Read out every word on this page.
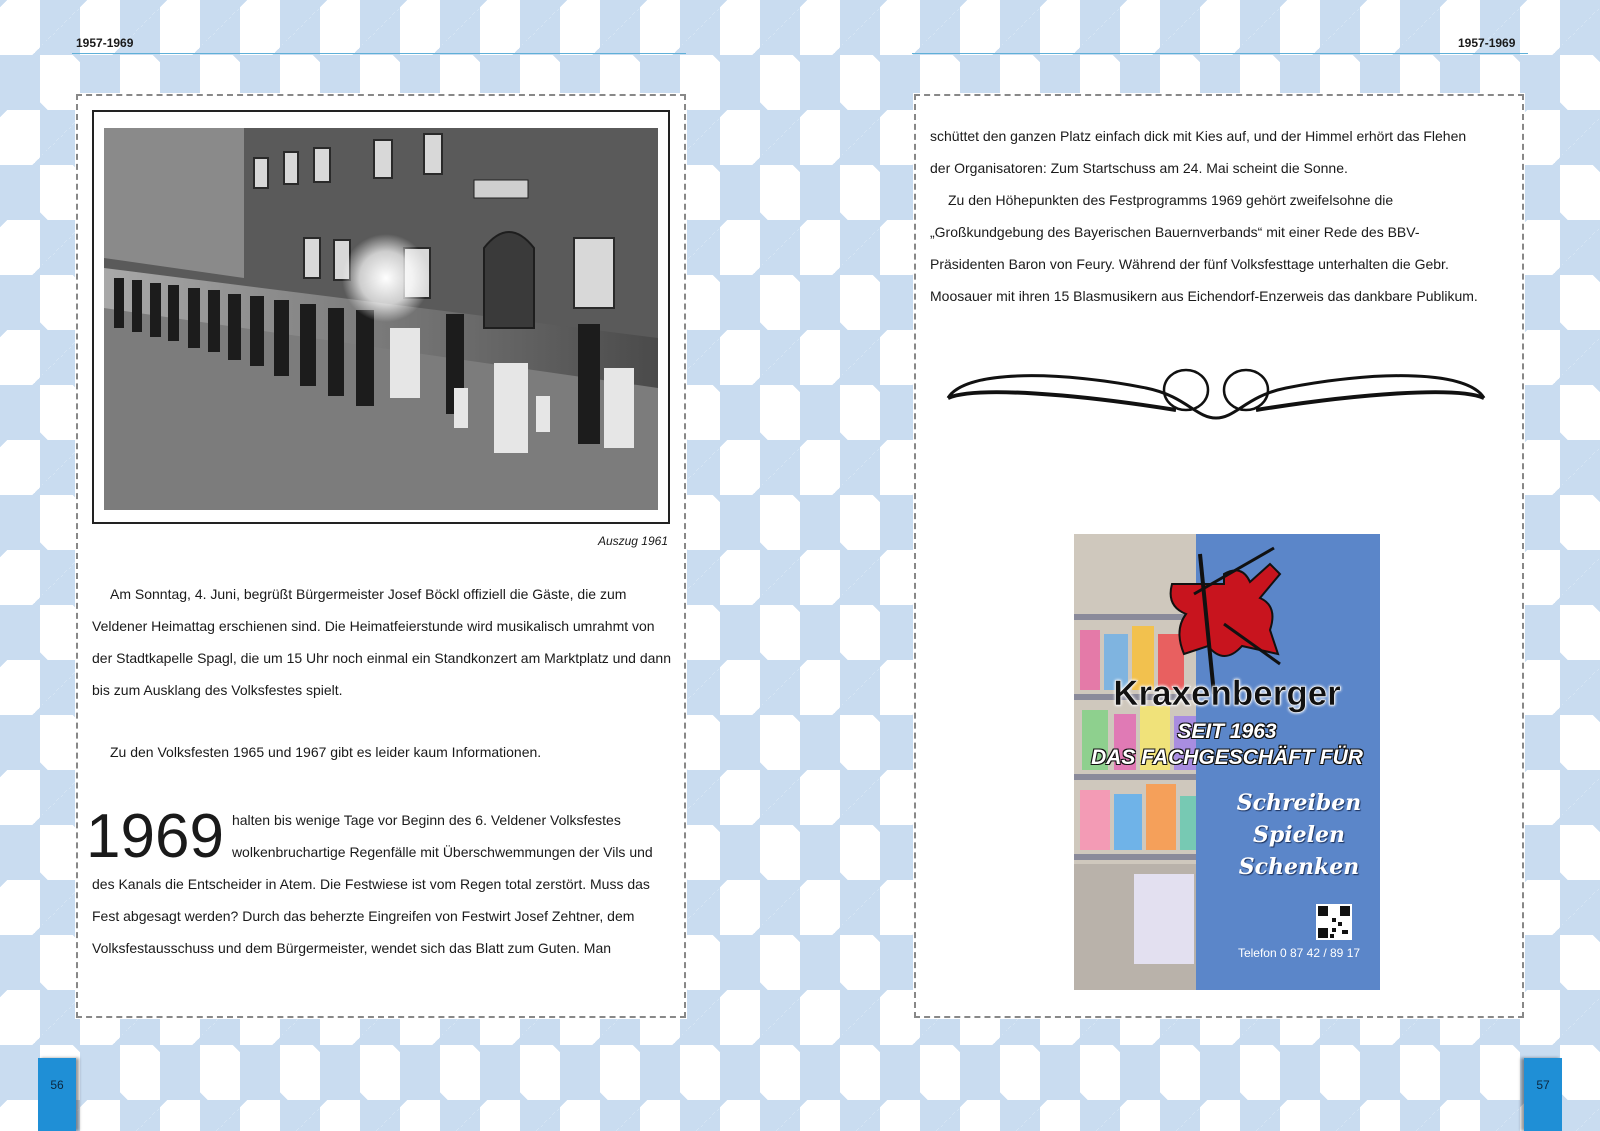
1957-1969	1957-1969
Auszug 1961
Am Sonntag, 4. Juni, begrüßt Bürgermeister Josef Böckl offiziell die Gäste, die zum Veldener Heimattag erschienen sind. Die Heimatfeierstunde wird musikalisch umrahmt von der Stadtkapelle Spagl, die um 15 Uhr noch einmal ein Standkonzert am Marktplatz und dann bis zum Ausklang des Volksfestes spielt.
Zu den Volksfesten 1965 und 1967 gibt es leider kaum Informationen.
1969 halten bis wenige Tage vor Beginn des 6. Veldener Volksfestes wolkenbruchartige Regenfälle mit Überschwemmungen der Vils und des Kanals die Entscheider in Atem. Die Festwiese ist vom Regen total zerstört. Muss das Fest abgesagt werden? Durch das beherzte Eingreifen von Festwirt Josef Zehtner, dem Volksfestausschuss und dem Bürgermeister, wendet sich das Blatt zum Guten. Man
schüttet den ganzen Platz einfach dick mit Kies auf, und der Himmel erhört das Flehen der Organisatoren: Zum Startschuss am 24. Mai scheint die Sonne.
Zu den Höhepunkten des Festprogramms 1969 gehört zweifelsohne die „Großkundgebung des Bayerischen Bauernverbands“ mit einer Rede des BBV-Präsidenten Baron von Feury. Während der fünf Volksfesttage unterhalten die Gebr. Moosauer mit ihren 15 Blasmusikern aus Eichendorf-Enzerweis das dankbare Publikum.
Kraxenberger
SEIT 1963
DAS FACHGESCHÄFT FÜR
Schreiben
Spielen
Schenken
Telefon 0 87 42 / 89 17
56	57
